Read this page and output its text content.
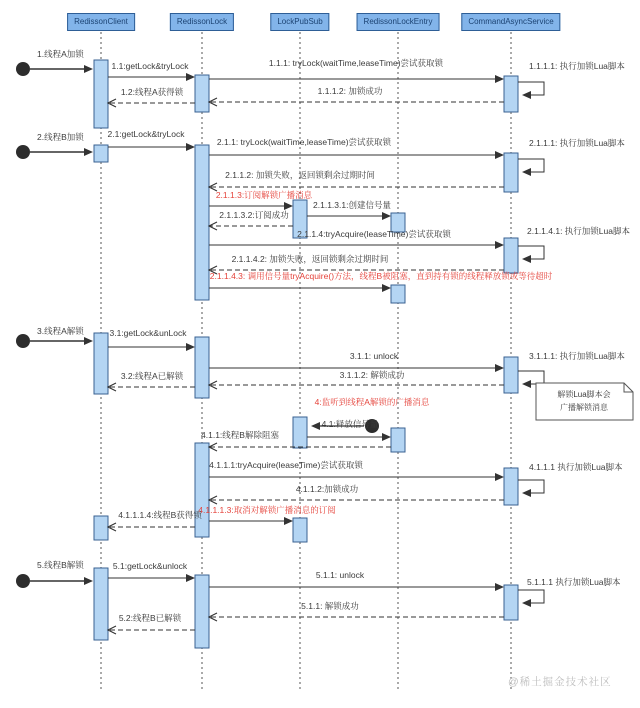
解锁Lua脚本会
广播解锁消息
@稀土掘金技术社区
RedissonClient	RedissonLock	LockPubSub	RedissonLockEntry	CommandAsyncService
1.线程A加锁
2.线程B加锁
3.线程A解锁
5.线程B解锁
1.1:getLock&tryLock	1.1.1: tryLock(waitTime,leaseTime)尝试获取锁
1.1.1.2: 加锁成功
1.2:线程A获得锁
2.1:getLock&tryLock
2.1.1: tryLock(waitTime,leaseTime)尝试获取锁
2.1.1.2: 加锁失败，返回锁剩余过期时间
2.1.1.3:订阅解锁广播消息
2.1.1.3.1:创建信号量
2.1.1.3.2:订阅成功
2.1.1.4:tryAcquire(leaseTime)尝试获取锁
2.1.1.4.2: 加锁失败，返回锁剩余过期时间
2.1.1.4.3: 调用信号量tryAcquire()方法，线程B被阻塞，直到持有锁的线程释放锁或等待超时
3.1:getLock&unLock
3.1.1: unlock
3.1.1.2: 解锁成功
3.2:线程A已解锁
4.1:释放信号量
4.1.1:线程B解除阻塞
4.1.1.1:tryAcquire(leaseTime)尝试获取锁
4.1.1.2:加锁成功
4.1.1.1.3:取消对解锁广播消息的订阅
4.1.1.1.4:线程B获得锁
5.1:getLock&unlock
5.1.1: unlock
5.1.1: 解锁成功
5.2:线程B已解锁
1.1.1.1: 执行加锁Lua脚本
2.1.1.1: 执行加锁Lua脚本
2.1.1.4.1: 执行加锁Lua脚本
3.1.1.1: 执行加锁Lua脚本
4.1.1.1 执行加锁Lua脚本
5.1.1.1 执行加锁Lua脚本
4:监听到线程A解锁的广播消息
